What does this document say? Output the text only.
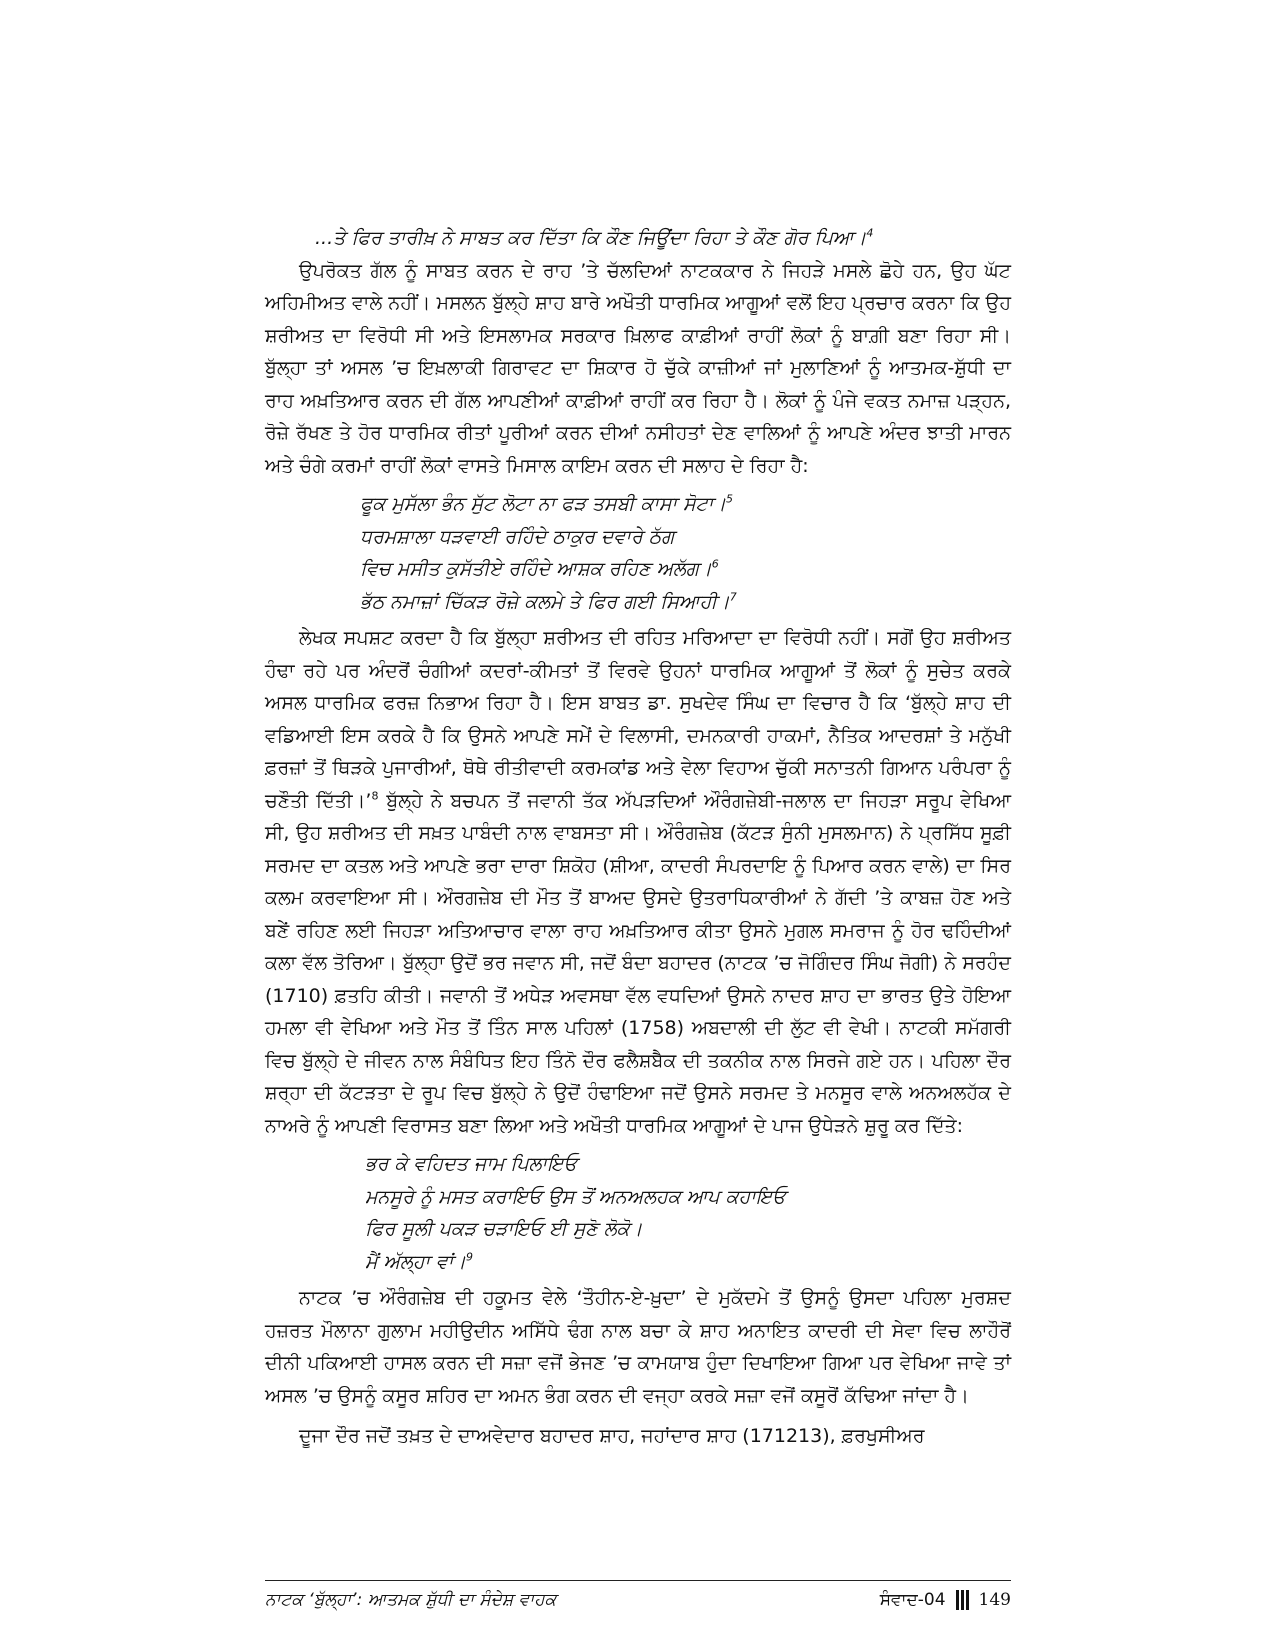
...ਤੇ ਫਿਰ ਤਾਰੀਖ਼ ਨੇ ਸਾਬਤ ਕਰ ਦਿੱਤਾ ਕਿ ਕੌਣ ਜਿਊਂਦਾ ਰਿਹਾ ਤੇ ਕੌਣ ਗੋਰ ਪਿਆ।$^4$

ਉਪਰੋਕਤ ਗੱਲ ਨੂੰ ਸਾਬਤ ਕਰਨ ਦੇ ਰਾਹ ’ਤੇ ਚੱਲਦਿਆਂ ਨਾਟਕਕਾਰ ਨੇ ਜਿਹੜੇ ਮਸਲੇ ਛੋਹੇ ਹਨ, ਉਹ ਘੱਟ ਅਹਿਮੀਅਤ ਵਾਲੇ ਨਹੀਂ। ਮਸਲਨ ਬੁੱਲ੍ਹੇ ਸ਼ਾਹ ਬਾਰੇ ਅਖੌਤੀ ਧਾਰਮਿਕ ਆਗੂਆਂ ਵਲੋਂ ਇਹ ਪ੍ਰਚਾਰ ਕਰਨਾ ਕਿ ਉਹ ਸ਼ਰੀਅਤ ਦਾ ਵਿਰੋਧੀ ਸੀ ਅਤੇ ਇਸਲਾਮਕ ਸਰਕਾਰ ਖ਼ਿਲਾਫ ਕਾਫ਼ੀਆਂ ਰਾਹੀਂ ਲੋਕਾਂ ਨੂੰ ਬਾਗ਼ੀ ਬਣਾ ਰਿਹਾ ਸੀ। ਬੁੱਲ੍ਹਾ ਤਾਂ ਅਸਲ ’ਚ ਇਖ਼ਲਾਕੀ ਗਿਰਾਵਟ ਦਾ ਸ਼ਿਕਾਰ ਹੋ ਚੁੱਕੇ ਕਾਜ਼ੀਆਂ ਜਾਂ ਮੁਲਾਣਿਆਂ ਨੂੰ ਆਤਮਕ-ਸ਼ੁੱਧੀ ਦਾ ਰਾਹ ਅਖ਼ਤਿਆਰ ਕਰਨ ਦੀ ਗੱਲ ਆਪਣੀਆਂ ਕਾਫ਼ੀਆਂ ਰਾਹੀਂ ਕਰ ਰਿਹਾ ਹੈ। ਲੋਕਾਂ ਨੂੰ ਪੰਜੇ ਵਕਤ ਨਮਾਜ਼ ਪੜ੍ਹਨ, ਰੋਜ਼ੇ ਰੱਖਣ ਤੇ ਹੋਰ ਧਾਰਮਿਕ ਰੀਤਾਂ ਪੂਰੀਆਂ ਕਰਨ ਦੀਆਂ ਨਸੀਹਤਾਂ ਦੇਣ ਵਾਲਿਆਂ ਨੂੰ ਆਪਣੇ ਅੰਦਰ ਝਾਤੀ ਮਾਰਨ ਅਤੇ ਚੰਗੇ ਕਰਮਾਂ ਰਾਹੀਂ ਲੋਕਾਂ ਵਾਸਤੇ ਮਿਸਾਲ ਕਾਇਮ ਕਰਨ ਦੀ ਸਲਾਹ ਦੇ ਰਿਹਾ ਹੈ:

ਫੂਕ ਮੁਸੱਲਾ ਭੰਨ ਸੁੱਟ ਲੋਟਾ ਨਾ ਫੜ ਤਸਬੀ ਕਾਸਾ ਸੋਟਾ।$^5$
ਧਰਮਸ਼ਾਲਾ ਧੜਵਾਈ ਰਹਿੰਦੇ ਠਾਕੁਰ ਦਵਾਰੇ ਠੱਗ
ਵਿਚ ਮਸੀਤ ਕੁਸੱਤੀਏ ਰਹਿੰਦੇ ਆਸ਼ਕ ਰਹਿਣ ਅਲੱਗ।$^6$
ਭੱਠ ਨਮਾਜ਼ਾਂ ਚਿੱਕੜ ਰੋਜ਼ੇ ਕਲਮੇ ਤੇ ਫਿਰ ਗਈ ਸਿਆਹੀ।$^7$

ਲੇਖਕ ਸਪਸ਼ਟ ਕਰਦਾ ਹੈ ਕਿ ਬੁੱਲ੍ਹਾ ਸ਼ਰੀਅਤ ਦੀ ਰਹਿਤ ਮਰਿਆਦਾ ਦਾ ਵਿਰੋਧੀ ਨਹੀਂ। ਸਗੋਂ ਉਹ ਸ਼ਰੀਅਤ ਹੰਢਾ ਰਹੇ ਪਰ ਅੰਦਰੋਂ ਚੰਗੀਆਂ ਕਦਰਾਂ-ਕੀਮਤਾਂ ਤੋਂ ਵਿਰਵੇ ਉਹਨਾਂ ਧਾਰਮਿਕ ਆਗੂਆਂ ਤੋਂ ਲੋਕਾਂ ਨੂੰ ਸੁਚੇਤ ਕਰਕੇ ਅਸਲ ਧਾਰਮਿਕ ਫਰਜ਼ ਨਿਭਾਅ ਰਿਹਾ ਹੈ। ਇਸ ਬਾਬਤ ਡਾ. ਸੁਖਦੇਵ ਸਿੰਘ ਦਾ ਵਿਚਾਰ ਹੈ ਕਿ ‘ਬੁੱਲ੍ਹੇ ਸ਼ਾਹ ਦੀ ਵਡਿਆਈ ਇਸ ਕਰਕੇ ਹੈ ਕਿ ਉਸਨੇ ਆਪਣੇ ਸਮੇਂ ਦੇ ਵਿਲਾਸੀ, ਦਮਨਕਾਰੀ ਹਾਕਮਾਂ, ਨੈਤਿਕ ਆਦਰਸ਼ਾਂ ਤੇ ਮਨੁੱਖੀ ਫ਼ਰਜ਼ਾਂ ਤੋਂ ਥਿੜਕੇ ਪੁਜਾਰੀਆਂ, ਥੋਥੇ ਰੀਤੀਵਾਦੀ ਕਰਮਕਾਂਡ ਅਤੇ ਵੇਲਾ ਵਿਹਾਅ ਚੁੱਕੀ ਸਨਾਤਨੀ ਗਿਆਨ ਪਰੰਪਰਾ ਨੂੰ ਚਣੌਤੀ ਦਿੱਤੀ।’$^8$ ਬੁੱਲ੍ਹੇ ਨੇ ਬਚਪਨ ਤੋਂ ਜਵਾਨੀ ਤੱਕ ਅੱਪੜਦਿਆਂ ਔਰੰਗਜ਼ੇਬੀ-ਜਲਾਲ ਦਾ ਜਿਹੜਾ ਸਰੂਪ ਵੇਖਿਆ ਸੀ, ਉਹ ਸ਼ਰੀਅਤ ਦੀ ਸਖ਼ਤ ਪਾਬੰਦੀ ਨਾਲ ਵਾਬਸਤਾ ਸੀ। ਔਰੰਗਜ਼ੇਬ (ਕੱਟੜ ਸੁੰਨੀ ਮੁਸਲਮਾਨ) ਨੇ ਪ੍ਰਸਿੱਧ ਸੂਫ਼ੀ ਸਰਮਦ ਦਾ ਕਤਲ ਅਤੇ ਆਪਣੇ ਭਰਾ ਦਾਰਾ ਸ਼ਿਕੋਹ (ਸ਼ੀਆ, ਕਾਦਰੀ ਸੰਪਰਦਾਇ ਨੂੰ ਪਿਆਰ ਕਰਨ ਵਾਲੇ) ਦਾ ਸਿਰ ਕਲਮ ਕਰਵਾਇਆ ਸੀ। ਔਰਗਜ਼ੇਬ ਦੀ ਮੌਤ ਤੋਂ ਬਾਅਦ ਉਸਦੇ ਉਤਰਾਧਿਕਾਰੀਆਂ ਨੇ ਗੱਦੀ ’ਤੇ ਕਾਬਜ਼ ਹੋਣ ਅਤੇ ਬਣੇਂ ਰਹਿਣ ਲਈ ਜਿਹੜਾ ਅਤਿਆਚਾਰ ਵਾਲਾ ਰਾਹ ਅਖ਼ਤਿਆਰ ਕੀਤਾ ਉਸਨੇ ਮੁਗਲ ਸਮਰਾਜ ਨੂੰ ਹੋਰ ਢਹਿੰਦੀਆਂ ਕਲਾ ਵੱਲ ਤੋਰਿਆ। ਬੁੱਲ੍ਹਾ ਉਦੋਂ ਭਰ ਜਵਾਨ ਸੀ, ਜਦੋਂ ਬੰਦਾ ਬਹਾਦਰ (ਨਾਟਕ ’ਚ ਜੋਗਿੰਦਰ ਸਿੰਘ ਜੋਗੀ) ਨੇ ਸਰਹੰਦ (1710) ਫ਼ਤਹਿ ਕੀਤੀ। ਜਵਾਨੀ ਤੋਂ ਅਧੇੜ ਅਵਸਥਾ ਵੱਲ ਵਧਦਿਆਂ ਉਸਨੇ ਨਾਦਰ ਸ਼ਾਹ ਦਾ ਭਾਰਤ ਉਤੇ ਹੋਇਆ ਹਮਲਾ ਵੀ ਵੇਖਿਆ ਅਤੇ ਮੌਤ ਤੋਂ ਤਿੰਨ ਸਾਲ ਪਹਿਲਾਂ (1758) ਅਬਦਾਲੀ ਦੀ ਲੁੱਟ ਵੀ ਵੇਖੀ। ਨਾਟਕੀ ਸਮੱਗਰੀ ਵਿਚ ਬੁੱਲ੍ਹੇ ਦੇ ਜੀਵਨ ਨਾਲ ਸੰਬੰਧਿਤ ਇਹ ਤਿੰਨੋ ਦੌਰ ਫਲੈਸ਼ਬੈਕ ਦੀ ਤਕਨੀਕ ਨਾਲ ਸਿਰਜੇ ਗਏ ਹਨ। ਪਹਿਲਾ ਦੌਰ ਸ਼ਰ੍ਹਾ ਦੀ ਕੱਟੜਤਾ ਦੇ ਰੂਪ ਵਿਚ ਬੁੱਲ੍ਹੇ ਨੇ ਉਦੋਂ ਹੰਢਾਇਆ ਜਦੋਂ ਉਸਨੇ ਸਰਮਦ ਤੇ ਮਨਸੂਰ ਵਾਲੇ ਅਨਅਲਹੱਕ ਦੇ ਨਾਅਰੇ ਨੂੰ ਆਪਣੀ ਵਿਰਾਸਤ ਬਣਾ ਲਿਆ ਅਤੇ ਅਖੌਤੀ ਧਾਰਮਿਕ ਆਗੂਆਂ ਦੇ ਪਾਜ ਉਧੇੜਨੇ ਸ਼ੁਰੂ ਕਰ ਦਿੱਤੇ:

ਭਰ ਕੇ ਵਹਿਦਤ ਜਾਮ ਪਿਲਾਇਓ
ਮਨਸੂਰੇ ਨੂੰ ਮਸਤ ਕਰਾਇਓ ਉਸ ਤੋਂ ਅਨਅਲਹਕ ਆਪ ਕਹਾਇਓ
ਫਿਰ ਸੂਲੀ ਪਕੜ ਚੜਾਇਓ ਈ ਸੁਣੋ ਲੋਕੋ।
ਮੈਂ ਅੱਲ੍ਹਾ ਵਾਂ।$^9$

ਨਾਟਕ ’ਚ ਔਰੰਗਜ਼ੇਬ ਦੀ ਹਕੂਮਤ ਵੇਲੇ ‘ਤੌਹੀਨ-ਏ-ਖ਼ੁਦਾ’ ਦੇ ਮੁਕੱਦਮੇ ਤੋਂ ਉਸਨੂੰ ਉਸਦਾ ਪਹਿਲਾ ਮੁਰਸ਼ਦ ਹਜ਼ਰਤ ਮੌਲਾਨਾ ਗੁਲਾਮ ਮਹੀਉਦੀਨ ਅਸਿੱਧੇ ਢੰਗ ਨਾਲ ਬਚਾ ਕੇ ਸ਼ਾਹ ਅਨਾਇਤ ਕਾਦਰੀ ਦੀ ਸੇਵਾ ਵਿਚ ਲਾਹੌਰੋਂ ਦੀਨੀ ਪਕਿਆਈ ਹਾਸਲ ਕਰਨ ਦੀ ਸਜ਼ਾ ਵਜੋਂ ਭੇਜਣ ’ਚ ਕਾਮਯਾਬ ਹੁੰਦਾ ਦਿਖਾਇਆ ਗਿਆ ਪਰ ਵੇਖਿਆ ਜਾਵੇ ਤਾਂ ਅਸਲ ’ਚ ਉਸਨੂੰ ਕਸੂਰ ਸ਼ਹਿਰ ਦਾ ਅਮਨ ਭੰਗ ਕਰਨ ਦੀ ਵਜ੍ਹਾ ਕਰਕੇ ਸਜ਼ਾ ਵਜੋਂ ਕਸੂਰੋਂ ਕੱਢਿਆ ਜਾਂਦਾ ਹੈ।

ਦੂਜਾ ਦੌਰ ਜਦੋਂ ਤਖ਼ਤ ਦੇ ਦਾਅਵੇਦਾਰ ਬਹਾਦਰ ਸ਼ਾਹ, ਜਹਾਂਦਾਰ ਸ਼ਾਹ (171213), ਫ਼ਰਖੁਸੀਅਰ

ਨਾਟਕ ‘ਬੁੱਲ੍ਹਾ’: ਆਤਮਕ ਸ਼ੁੱਧੀ ਦਾ ਸੰਦੇਸ਼ ਵਾਹਕ	ਸੰਵਾਦ-04 149
